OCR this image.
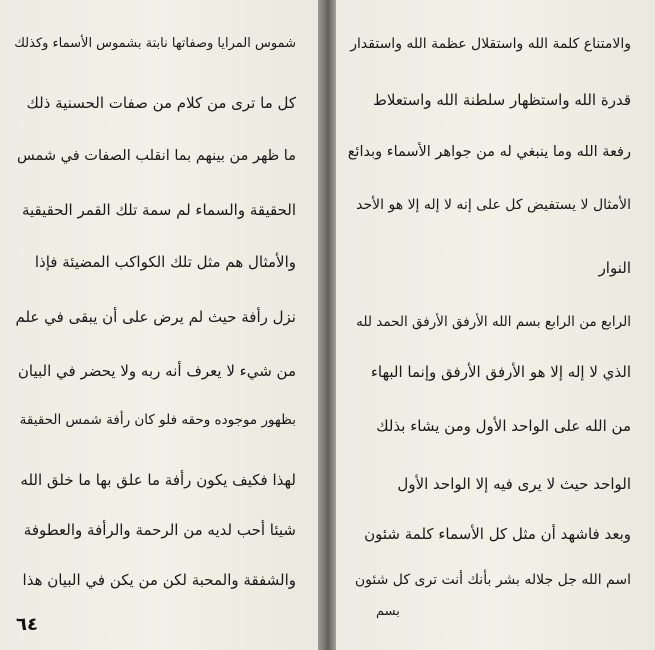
شموس المرايا وصفاتها نابتة بشموس الأسماء وكذلك
كل ما ترى من كلام من صفات الحسنية ذلك
ما ظهر من بينهم بما انقلب الصفات في شمس
الحقيقة والسماء لم سمة تلك القمر الحقيقية
والأمثال هم مثل تلك الكواكب المضيئة فإذا
نزل رأفة حيث لم يرض على أن يبقى في علم
من شيء لا يعرف أنه ربه ولا يحضر في البيان
بظهور موجوده وحقه فلو كان رأفة شمس الحقيقة
لهذا فكيف يكون رأفة ما علق بها ما خلق الله
شيئا أحب لديه من الرحمة والرأفة والعطوفة
والشفقة والمحبة لكن من يكن في البيان هذا
٦٤
والامتناع كلمة الله واستقلال عظمة الله واستقدار
قدرة الله واستظهار سلطنة الله واستعلاط
رفعة الله وما ينبغي له من جواهر الأسماء وبدائع
الأمثال لا يستفيض كل على إنه لا إله إلا هو الأحد
النوار
الرابع من الرابع بسم الله الأرفق الأرفق الحمد لله
الذي لا إله إلا هو الأرفق الأرفق وإنما البهاء
من الله على الواحد الأول ومن يشاء بذلك
الواحد حيث لا يرى فيه إلا الواحد الأول
وبعد فاشهد أن مثل كل الأسماء كلمة شئون
اسم الله جل جلاله بشر بأنك أنت ترى كل شئون
بسم
